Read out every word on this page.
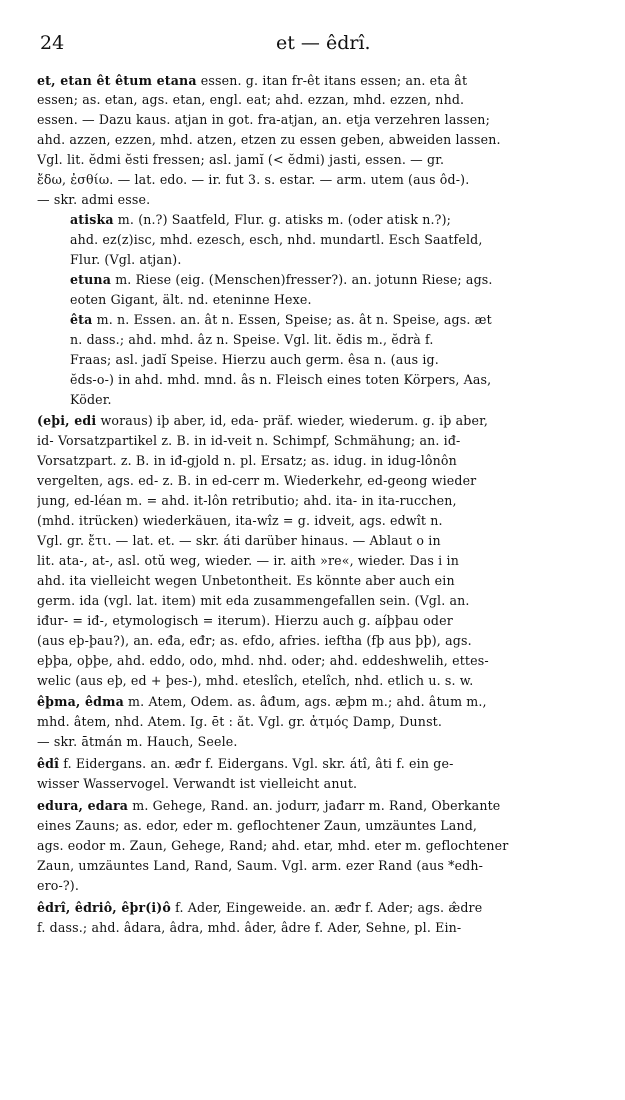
24	et — êdrî.
et, etan êt êtum etana essen. g. itan fr-êt itans essen; an. eta ât
essen; as. etan, ags. etan, engl. eat; ahd. ezzan, mhd. ezzen, nhd.
essen. — Dazu kaus. atjan in got. fra-atjan, an. etja verzehren lassen;
ahd. azzen, ezzen, mhd. atzen, etzen zu essen geben, abweiden lassen.
Vgl. lit. ĕdmi ĕsti fressen; asl. jamĭ (< ĕdmi) jasti, essen. — gr.
ἔδω, ἐσθίω. — lat. edo. — ir. fut 3. s. estar. — arm. utem (aus ôd-).
— skr. admi esse.
atiska m. (n.?) Saatfeld, Flur. g. atisks m. (oder atisk n.?);
ahd. ez(z)isc, mhd. ezesch, esch, nhd. mundartl. Esch Saatfeld,
Flur. (Vgl. atjan).
etuna m. Riese (eig. (Menschen)fresser?). an. jotunn Riese; ags.
eoten Gigant, ält. nd. eteninne Hexe.
êta m. n. Essen. an. ât n. Essen, Speise; as. ât n. Speise, ags. æt
n. dass.; ahd. mhd. âz n. Speise. Vgl. lit. ĕdis m., ĕdrà f.
Fraas; asl. jadĭ Speise. Hierzu auch germ. êsa n. (aus ig.
ĕds-o-) in ahd. mhd. mnd. âs n. Fleisch eines toten Körpers, Aas,
Köder.
(eþi, edi woraus) iþ aber, id, eda- präf. wieder, wiederum. g. iþ aber,
id- Vorsatzpartikel z. B. in id-veit n. Schimpf, Schmähung; an. iđ-
Vorsatzpart. z. B. in iđ-gjold n. pl. Ersatz; as. idug. in idug-lônôn
vergelten, ags. ed- z. B. in ed-cerr m. Wiederkehr, ed-geong wieder
jung, ed-léan m. = ahd. it-lôn retributio; ahd. ita- in ita-rucchen,
(mhd. itrücken) wiederkäuen, ita-wîz = g. idveit, ags. edwît n.
Vgl. gr. ἔτι. — lat. et. — skr. áti darüber hinaus. — Ablaut o in
lit. ata-, at-, asl. otŭ weg, wieder. — ir. aith »re«, wieder. Das i in
ahd. ita vielleicht wegen Unbetontheit. Es könnte aber auch ein
germ. ida (vgl. lat. item) mit eda zusammengefallen sein. (Vgl. an.
iđur- = iđ-, etymologisch = iterum). Hierzu auch g. aíþþau oder
(aus eþ-þau?), an. eđa, eđr; as. efdo, afries. ieftha (fþ aus þþ), ags.
eþþa, oþþe, ahd. eddo, odo, mhd. nhd. oder; ahd. eddeshwelih, ettes-
welic (aus eþ, ed + þes-), mhd. eteslîch, etelîch, nhd. etlich u. s. w.
êþma, êdma m. Atem, Odem. as. âđum, ags. æþm m.; ahd. âtum m.,
mhd. âtem, nhd. Atem. Ig. ēt : ăt. Vgl. gr. ἀτμός Damp, Dunst.
— skr. ātmán m. Hauch, Seele.
êdî f. Eidergans. an. æđr f. Eidergans. Vgl. skr. átî, âti f. ein ge-
wisser Wasservogel. Verwandt ist vielleicht anut.
edura, edara m. Gehege, Rand. an. jodurr, jađarr m. Rand, Oberkante
eines Zauns; as. edor, eder m. geflochtener Zaun, umzäuntes Land,
ags. eodor m. Zaun, Gehege, Rand; ahd. etar, mhd. eter m. geflochtener
Zaun, umzäuntes Land, Rand, Saum. Vgl. arm. ezer Rand (aus *edh-
ero-?).
êdrî, êdriô, êþr(i)ô f. Ader, Eingeweide. an. æđr f. Ader; ags. æ̂dre
f. dass.; ahd. âdara, âdra, mhd. âder, âdre f. Ader, Sehne, pl. Ein-
